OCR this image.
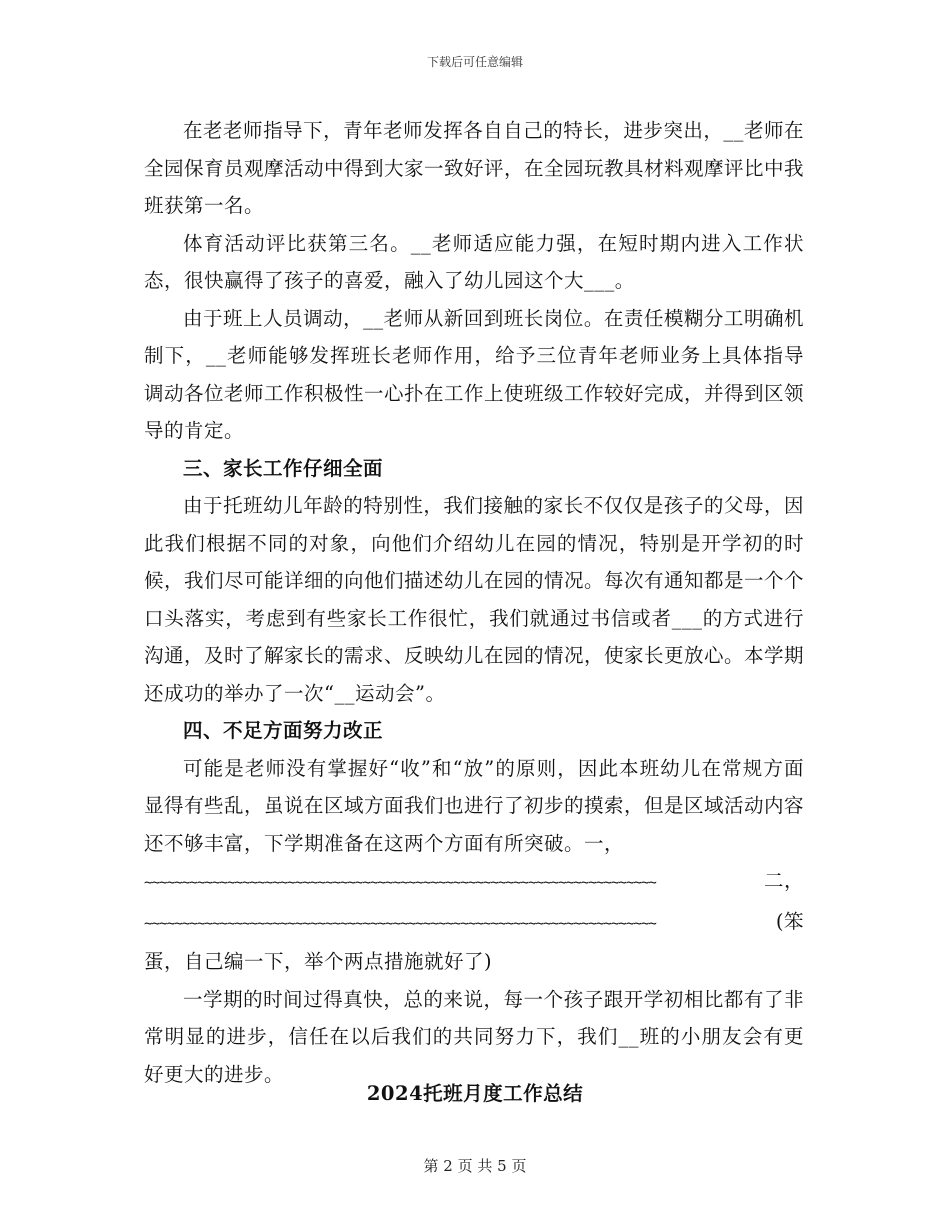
下载后可任意编辑

在老老师指导下，青年老师发挥各自自己的特长，进步突出，__老师在全园保育员观摩活动中得到大家一致好评，在全园玩教具材料观摩评比中我班获第一名。

体育活动评比获第三名。__老师适应能力强，在短时期内进入工作状态，很快赢得了孩子的喜爱，融入了幼儿园这个大___。

由于班上人员调动，__老师从新回到班长岗位。在责任模糊分工明确机制下，__老师能够发挥班长老师作用，给予三位青年老师业务上具体指导调动各位老师工作积极性一心扑在工作上使班级工作较好完成，并得到区领导的肯定。

三、家长工作仔细全面

由于托班幼儿年龄的特别性，我们接触的家长不仅仅是孩子的父母，因此我们根据不同的对象，向他们介绍幼儿在园的情况，特别是开学初的时候，我们尽可能详细的向他们描述幼儿在园的情况。每次有通知都是一个个口头落实，考虑到有些家长工作很忙，我们就通过书信或者___的方式进行沟通，及时了解家长的需求、反映幼儿在园的情况，使家长更放心。本学期还成功的举办了一次“__运动会”。

四、不足方面努力改正

可能是老师没有掌握好“收”和“放”的原则，因此本班幼儿在常规方面显得有些乱，虽说在区域方面我们也进行了初步的摸索，但是区域活动内容还不够丰富，下学期准备在这两个方面有所突破。一，

~~~~~~~~~~~~~~~~~~~~~~~~~~~~~~~~~~~~~~~~~~~~~~~~~~~~~~~~~~~~~~~~~~~~	二，

~~~~~~~~~~~~~~~~~~~~~~~~~~~~~~~~~~~~~~~~~~~~~~~~~~~~~~~~~~~~~~~~~~~~	(笨

蛋，自己编一下，举个两点措施就好了)

一学期的时间过得真快，总的来说，每一个孩子跟开学初相比都有了非常明显的进步，信任在以后我们的共同努力下，我们__班的小朋友会有更好更大的进步。

2024托班月度工作总结
第 2 页 共 5 页
